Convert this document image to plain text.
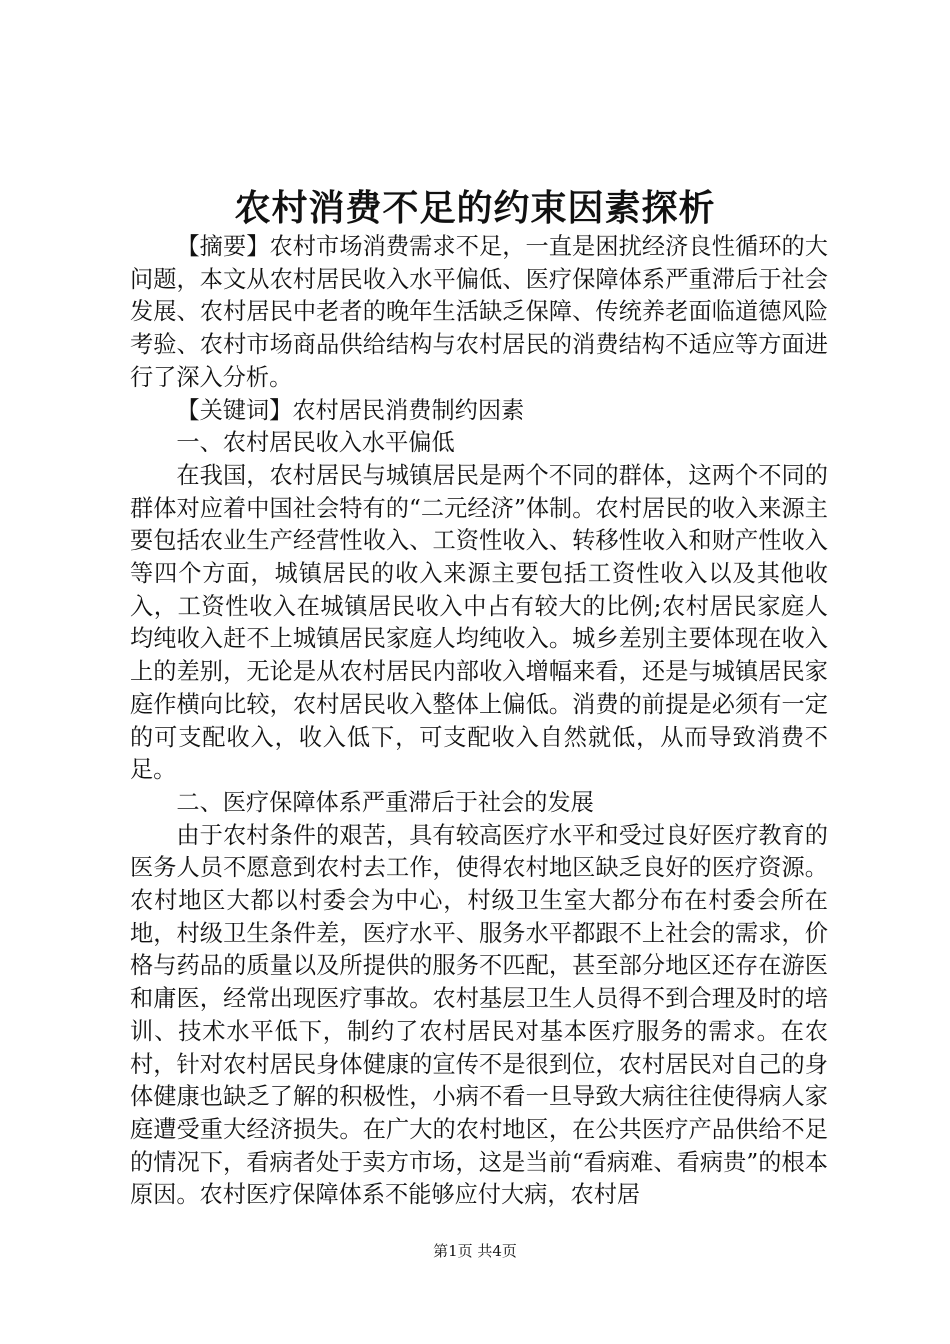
农村消费不足的约束因素探析

【摘要】农村市场消费需求不足，一直是困扰经济良性循环的大问题，本文从农村居民收入水平偏低、医疗保障体系严重滞后于社会发展、农村居民中老者的晚年生活缺乏保障、传统养老面临道德风险考验、农村市场商品供给结构与农村居民的消费结构不适应等方面进行了深入分析。

【关键词】农村居民消费制约因素

一、农村居民收入水平偏低

在我国，农村居民与城镇居民是两个不同的群体，这两个不同的群体对应着中国社会特有的“二元经济”体制。农村居民的收入来源主要包括农业生产经营性收入、工资性收入、转移性收入和财产性收入等四个方面，城镇居民的收入来源主要包括工资性收入以及其他收入，工资性收入在城镇居民收入中占有较大的比例;农村居民家庭人均纯收入赶不上城镇居民家庭人均纯收入。城乡差别主要体现在收入上的差别，无论是从农村居民内部收入增幅来看，还是与城镇居民家庭作横向比较，农村居民收入整体上偏低。消费的前提是必须有一定的可支配收入，收入低下，可支配收入自然就低，从而导致消费不足。

二、医疗保障体系严重滞后于社会的发展

由于农村条件的艰苦，具有较高医疗水平和受过良好医疗教育的医务人员不愿意到农村去工作，使得农村地区缺乏良好的医疗资源。农村地区大都以村委会为中心，村级卫生室大都分布在村委会所在地，村级卫生条件差，医疗水平、服务水平都跟不上社会的需求，价格与药品的质量以及所提供的服务不匹配，甚至部分地区还存在游医和庸医，经常出现医疗事故。农村基层卫生人员得不到合理及时的培训、技术水平低下，制约了农村居民对基本医疗服务的需求。在农村，针对农村居民身体健康的宣传不是很到位，农村居民对自己的身体健康也缺乏了解的积极性，小病不看一旦导致大病往往使得病人家庭遭受重大经济损失。在广大的农村地区，在公共医疗产品供给不足的情况下，看病者处于卖方市场，这是当前“看病难、看病贵”的根本原因。农村医疗保障体系不能够应付大病，农村居

第1页 共4页
